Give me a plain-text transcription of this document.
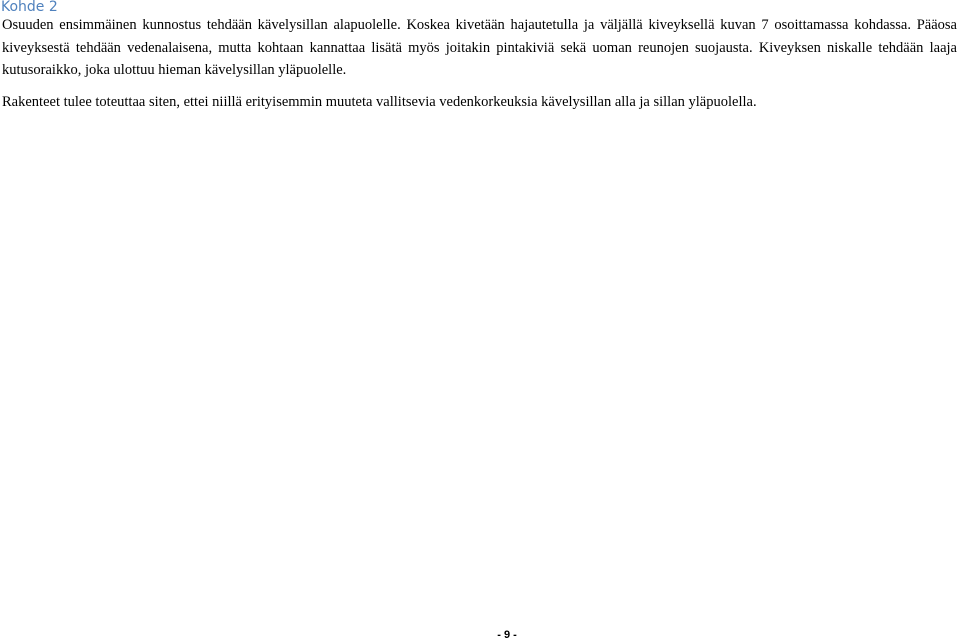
Kohde 2

Osuuden ensimmäinen kunnostus tehdään kävelysillan alapuolelle. Koskea kivetään hajautetulla ja väljällä kiveyksellä kuvan 7 osoittamassa kohdassa. Pääosa kiveyksestä tehdään vedenalaisena, mutta kohtaan kannattaa lisätä myös joitakin pintakiviä sekä uoman reunojen suojausta. Kiveyksen niskalle tehdään laaja kutusoraikko, joka ulottuu hieman kävelysillan yläpuolelle.

Rakenteet tulee toteuttaa siten, ettei niillä erityisemmin muuteta vallitsevia vedenkorkeuksia kävelysillan alla ja sillan yläpuolella.

- 9 -
